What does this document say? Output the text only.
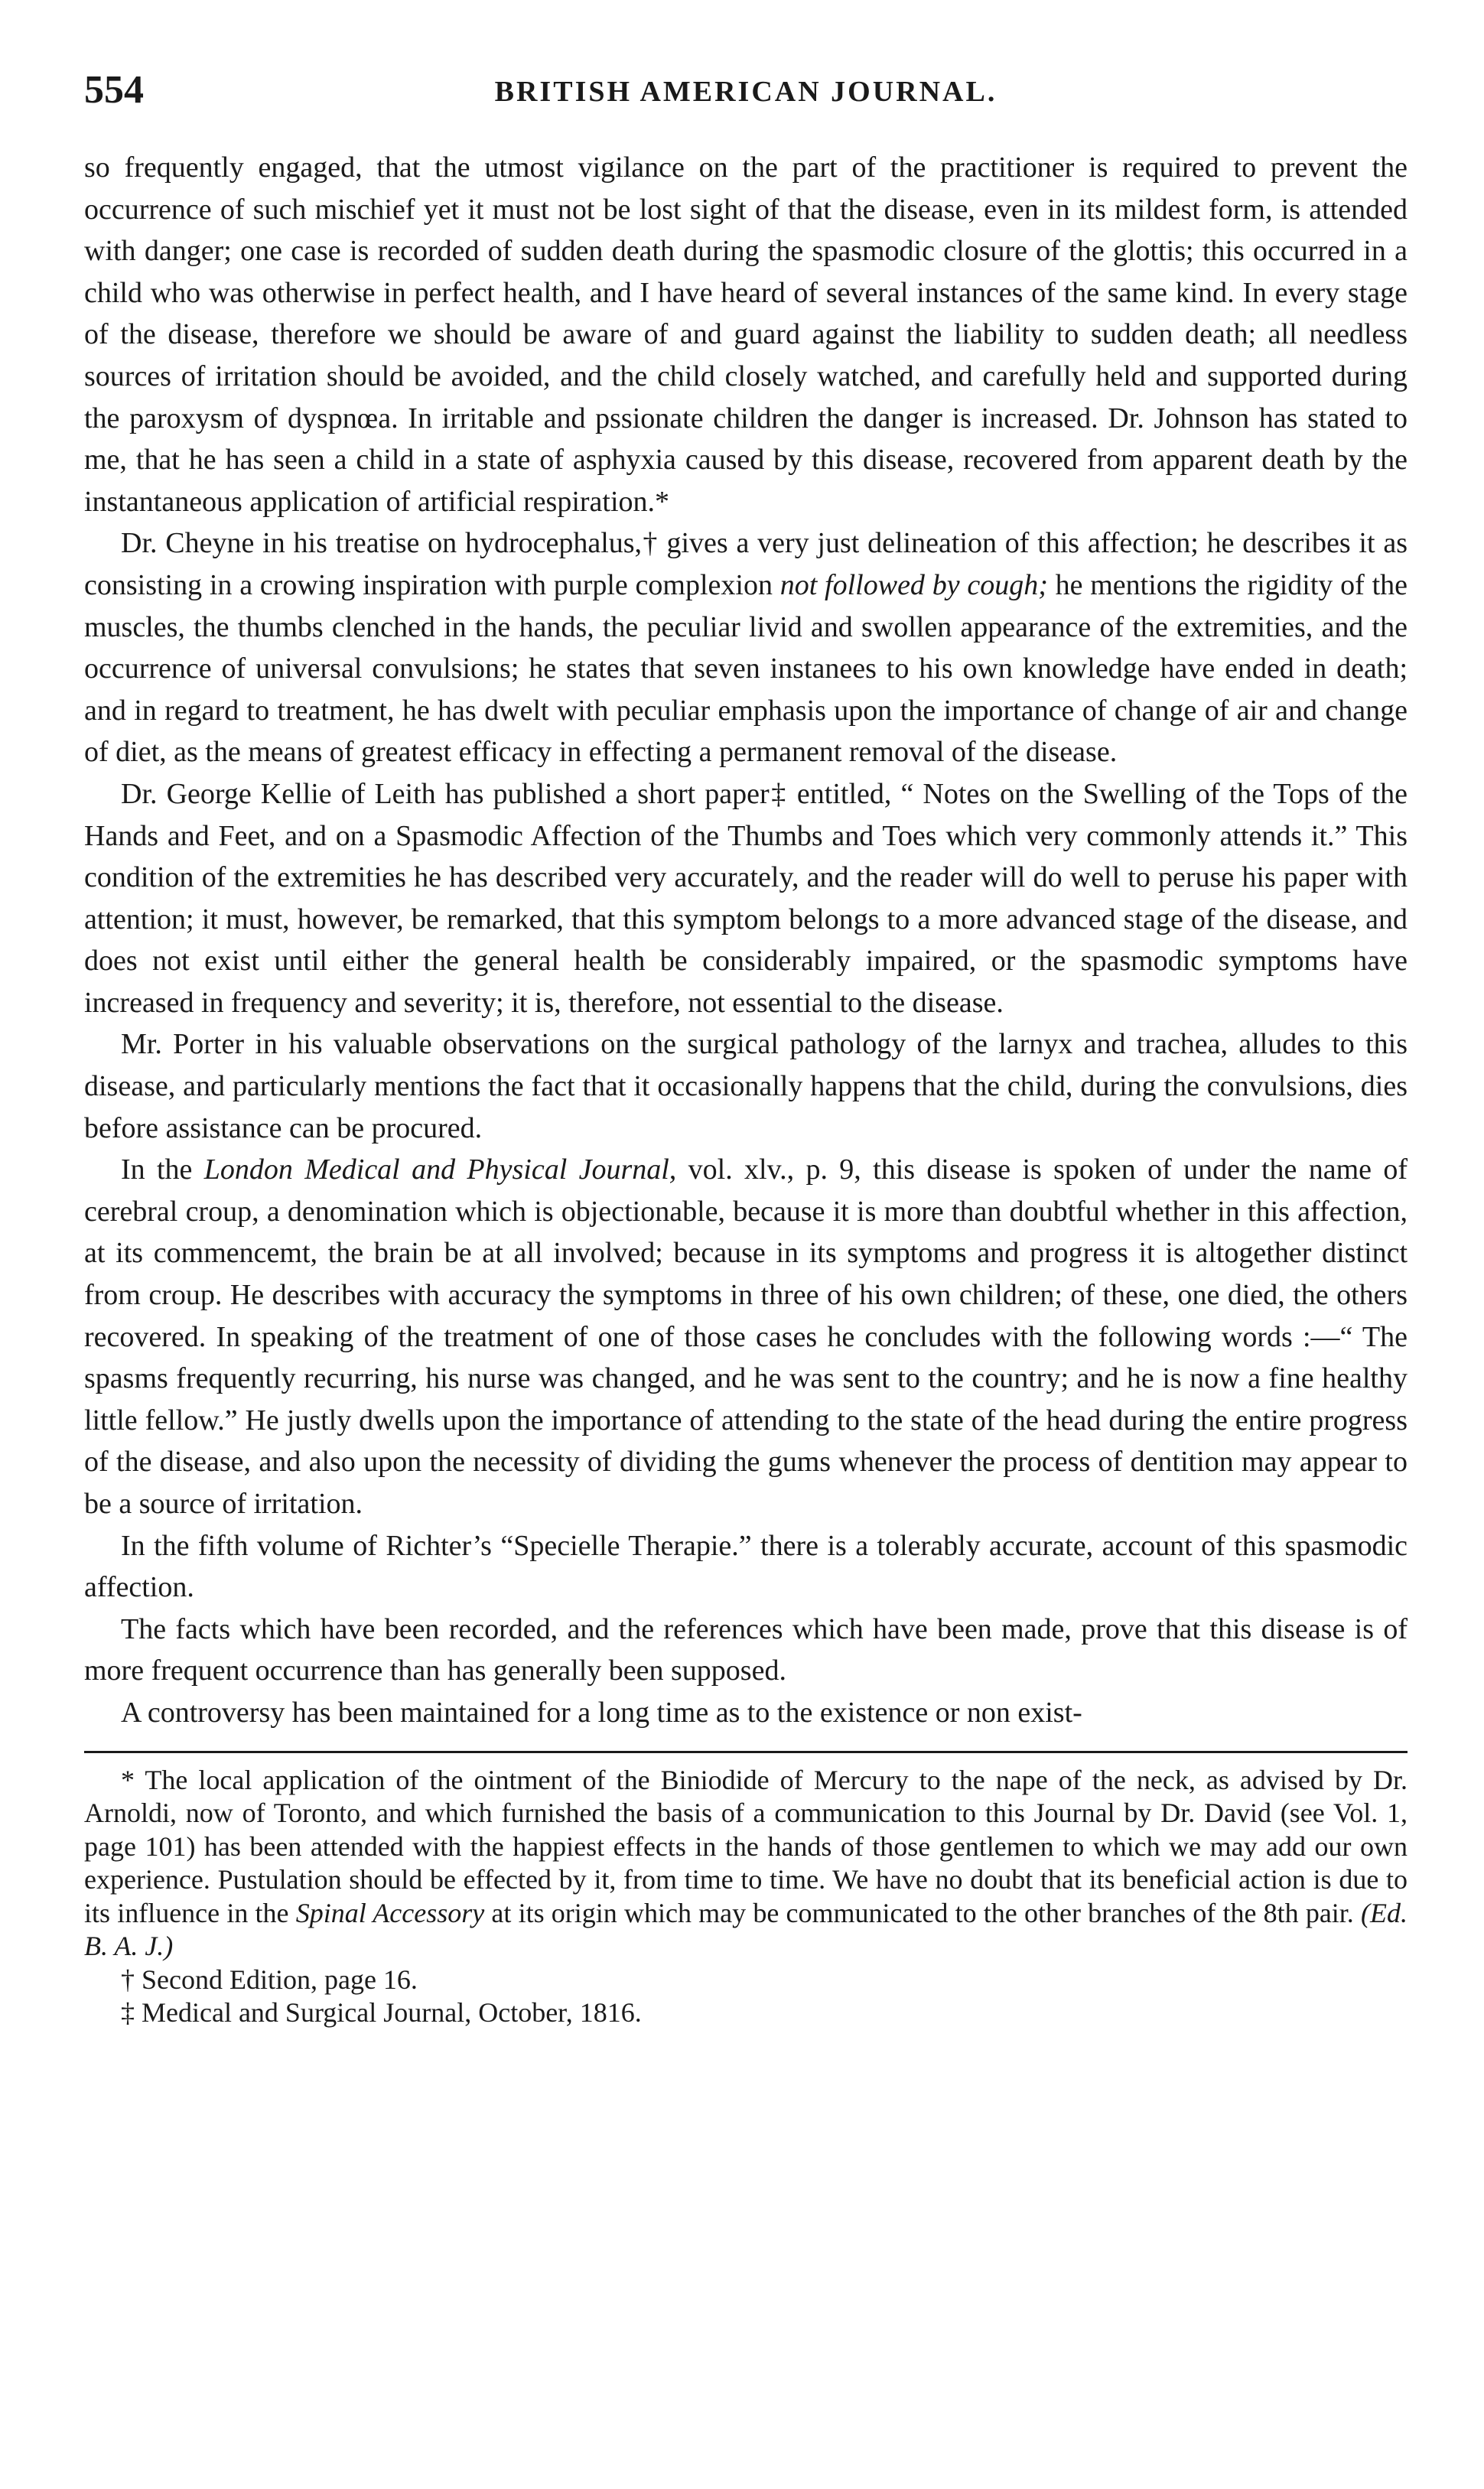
554	BRITISH AMERICAN JOURNAL.

so frequently engaged, that the utmost vigilance on the part of the practitioner is required to prevent the occurrence of such mischief yet it must not be lost sight of that the disease, even in its mildest form, is attended with danger; one case is recorded of sudden death during the spasmodic closure of the glottis; this occurred in a child who was otherwise in perfect health, and I have heard of several instances of the same kind. In every stage of the disease, therefore we should be aware of and guard against the liability to sudden death; all needless sources of irritation should be avoided, and the child closely watched, and carefully held and supported during the paroxysm of dyspnœa. In irritable and pssionate children the danger is increased. Dr. Johnson has stated to me, that he has seen a child in a state of asphyxia caused by this disease, recovered from apparent death by the instantaneous application of artificial respiration.*

Dr. Cheyne in his treatise on hydrocephalus,† gives a very just delineation of this affection; he describes it as consisting in a crowing inspiration with purple complexion not followed by cough; he mentions the rigidity of the muscles, the thumbs clenched in the hands, the peculiar livid and swollen appearance of the extremities, and the occurrence of universal convulsions; he states that seven instanees to his own knowledge have ended in death; and in regard to treatment, he has dwelt with peculiar emphasis upon the importance of change of air and change of diet, as the means of greatest efficacy in effecting a permanent removal of the disease.

Dr. George Kellie of Leith has published a short paper‡ entitled, “ Notes on the Swelling of the Tops of the Hands and Feet, and on a Spasmodic Affection of the Thumbs and Toes which very commonly attends it.” This condition of the extremities he has described very accurately, and the reader will do well to peruse his paper with attention; it must, however, be remarked, that this symptom belongs to a more advanced stage of the disease, and does not exist until either the general health be considerably impaired, or the spasmodic symptoms have increased in frequency and severity; it is, therefore, not essential to the disease.

Mr. Porter in his valuable observations on the surgical pathology of the larnyx and trachea, alludes to this disease, and particularly mentions the fact that it occasionally happens that the child, during the convulsions, dies before assistance can be procured.

In the London Medical and Physical Journal, vol. xlv., p. 9, this disease is spoken of under the name of cerebral croup, a denomination which is objectionable, because it is more than doubtful whether in this affection, at its commencemt, the brain be at all involved; because in its symptoms and progress it is altogether distinct from croup. He describes with accuracy the symptoms in three of his own children; of these, one died, the others recovered. In speaking of the treatment of one of those cases he concludes with the following words :—“ The spasms frequently recurring, his nurse was changed, and he was sent to the country; and he is now a fine healthy little fellow.” He justly dwells upon the importance of attending to the state of the head during the entire progress of the disease, and also upon the necessity of dividing the gums whenever the process of dentition may appear to be a source of irritation.

In the fifth volume of Richter’s “Specielle Therapie.” there is a tolerably accurate, account of this spasmodic affection.

The facts which have been recorded, and the references which have been made, prove that this disease is of more frequent occurrence than has generally been supposed.

A controversy has been maintained for a long time as to the existence or non exist-

* The local application of the ointment of the Biniodide of Mercury to the nape of the neck, as advised by Dr. Arnoldi, now of Toronto, and which furnished the basis of a communication to this Journal by Dr. David (see Vol. 1, page 101) has been attended with the happiest effects in the hands of those gentlemen to which we may add our own experience. Pustulation should be effected by it, from time to time. We have no doubt that its beneficial action is due to its influence in the Spinal Accessory at its origin which may be communicated to the other branches of the 8th pair. (Ed. B. A. J.)

† Second Edition, page 16.

‡ Medical and Surgical Journal, October, 1816.
